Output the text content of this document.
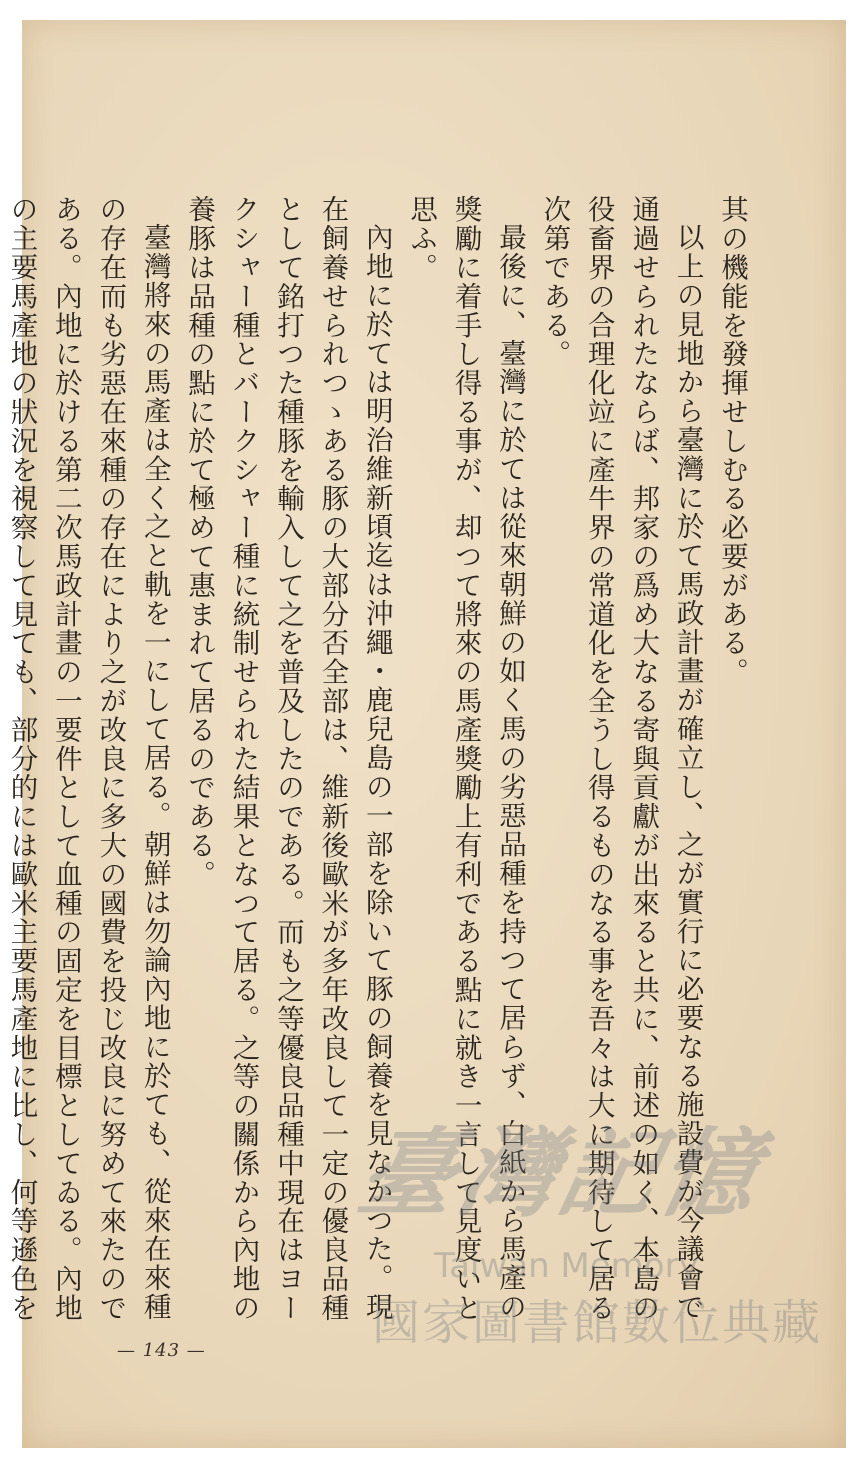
其の機能を發揮せしむる必要がある。

以上の見地から臺灣に於て馬政計畫が確立し、之が實行に必要なる施設費が今議會で通過せられたならば、邦家の爲め大なる寄與貢獻が出來ると共に、前述の如く、本島の役畜界の合理化竝に產牛界の常道化を全うし得るものなる事を吾々は大に期待して居る次第である。

最後に、臺灣に於ては從來朝鮮の如く馬の劣惡品種を持つて居らず、白紙から馬產の獎勵に着手し得る事が、却つて將來の馬產獎勵上有利である點に就き一言して見度いと思ふ。

內地に於ては明治維新頃迄は沖繩・鹿兒島の一部を除いて豚の飼養を見なかつた。現在飼養せられつゝある豚の大部分否全部は、維新後歐米が多年改良して一定の優良品種として銘打つた種豚を輸入して之を普及したのである。而も之等優良品種中現在はヨークシャー種とバークシャー種に統制せられた結果となつて居る。之等の關係から內地の養豚は品種の點に於て極めて惠まれて居るのである。

臺灣將來の馬產は全く之と軌を一にして居る。朝鮮は勿論內地に於ても、從來在來種の存在而も劣惡在來種の存在により之が改良に多大の國費を投じ改良に努めて來たのである。內地に於ける第二次馬政計畫の一要件として血種の固定を目標としてゐる。內地の主要馬產地の狀況を視察して見ても、部分的には歐米主要馬產地に比し、何等遜色を

— 143 —
臺灣記憶
Taiwan Memory
國家圖書館數位典藏
